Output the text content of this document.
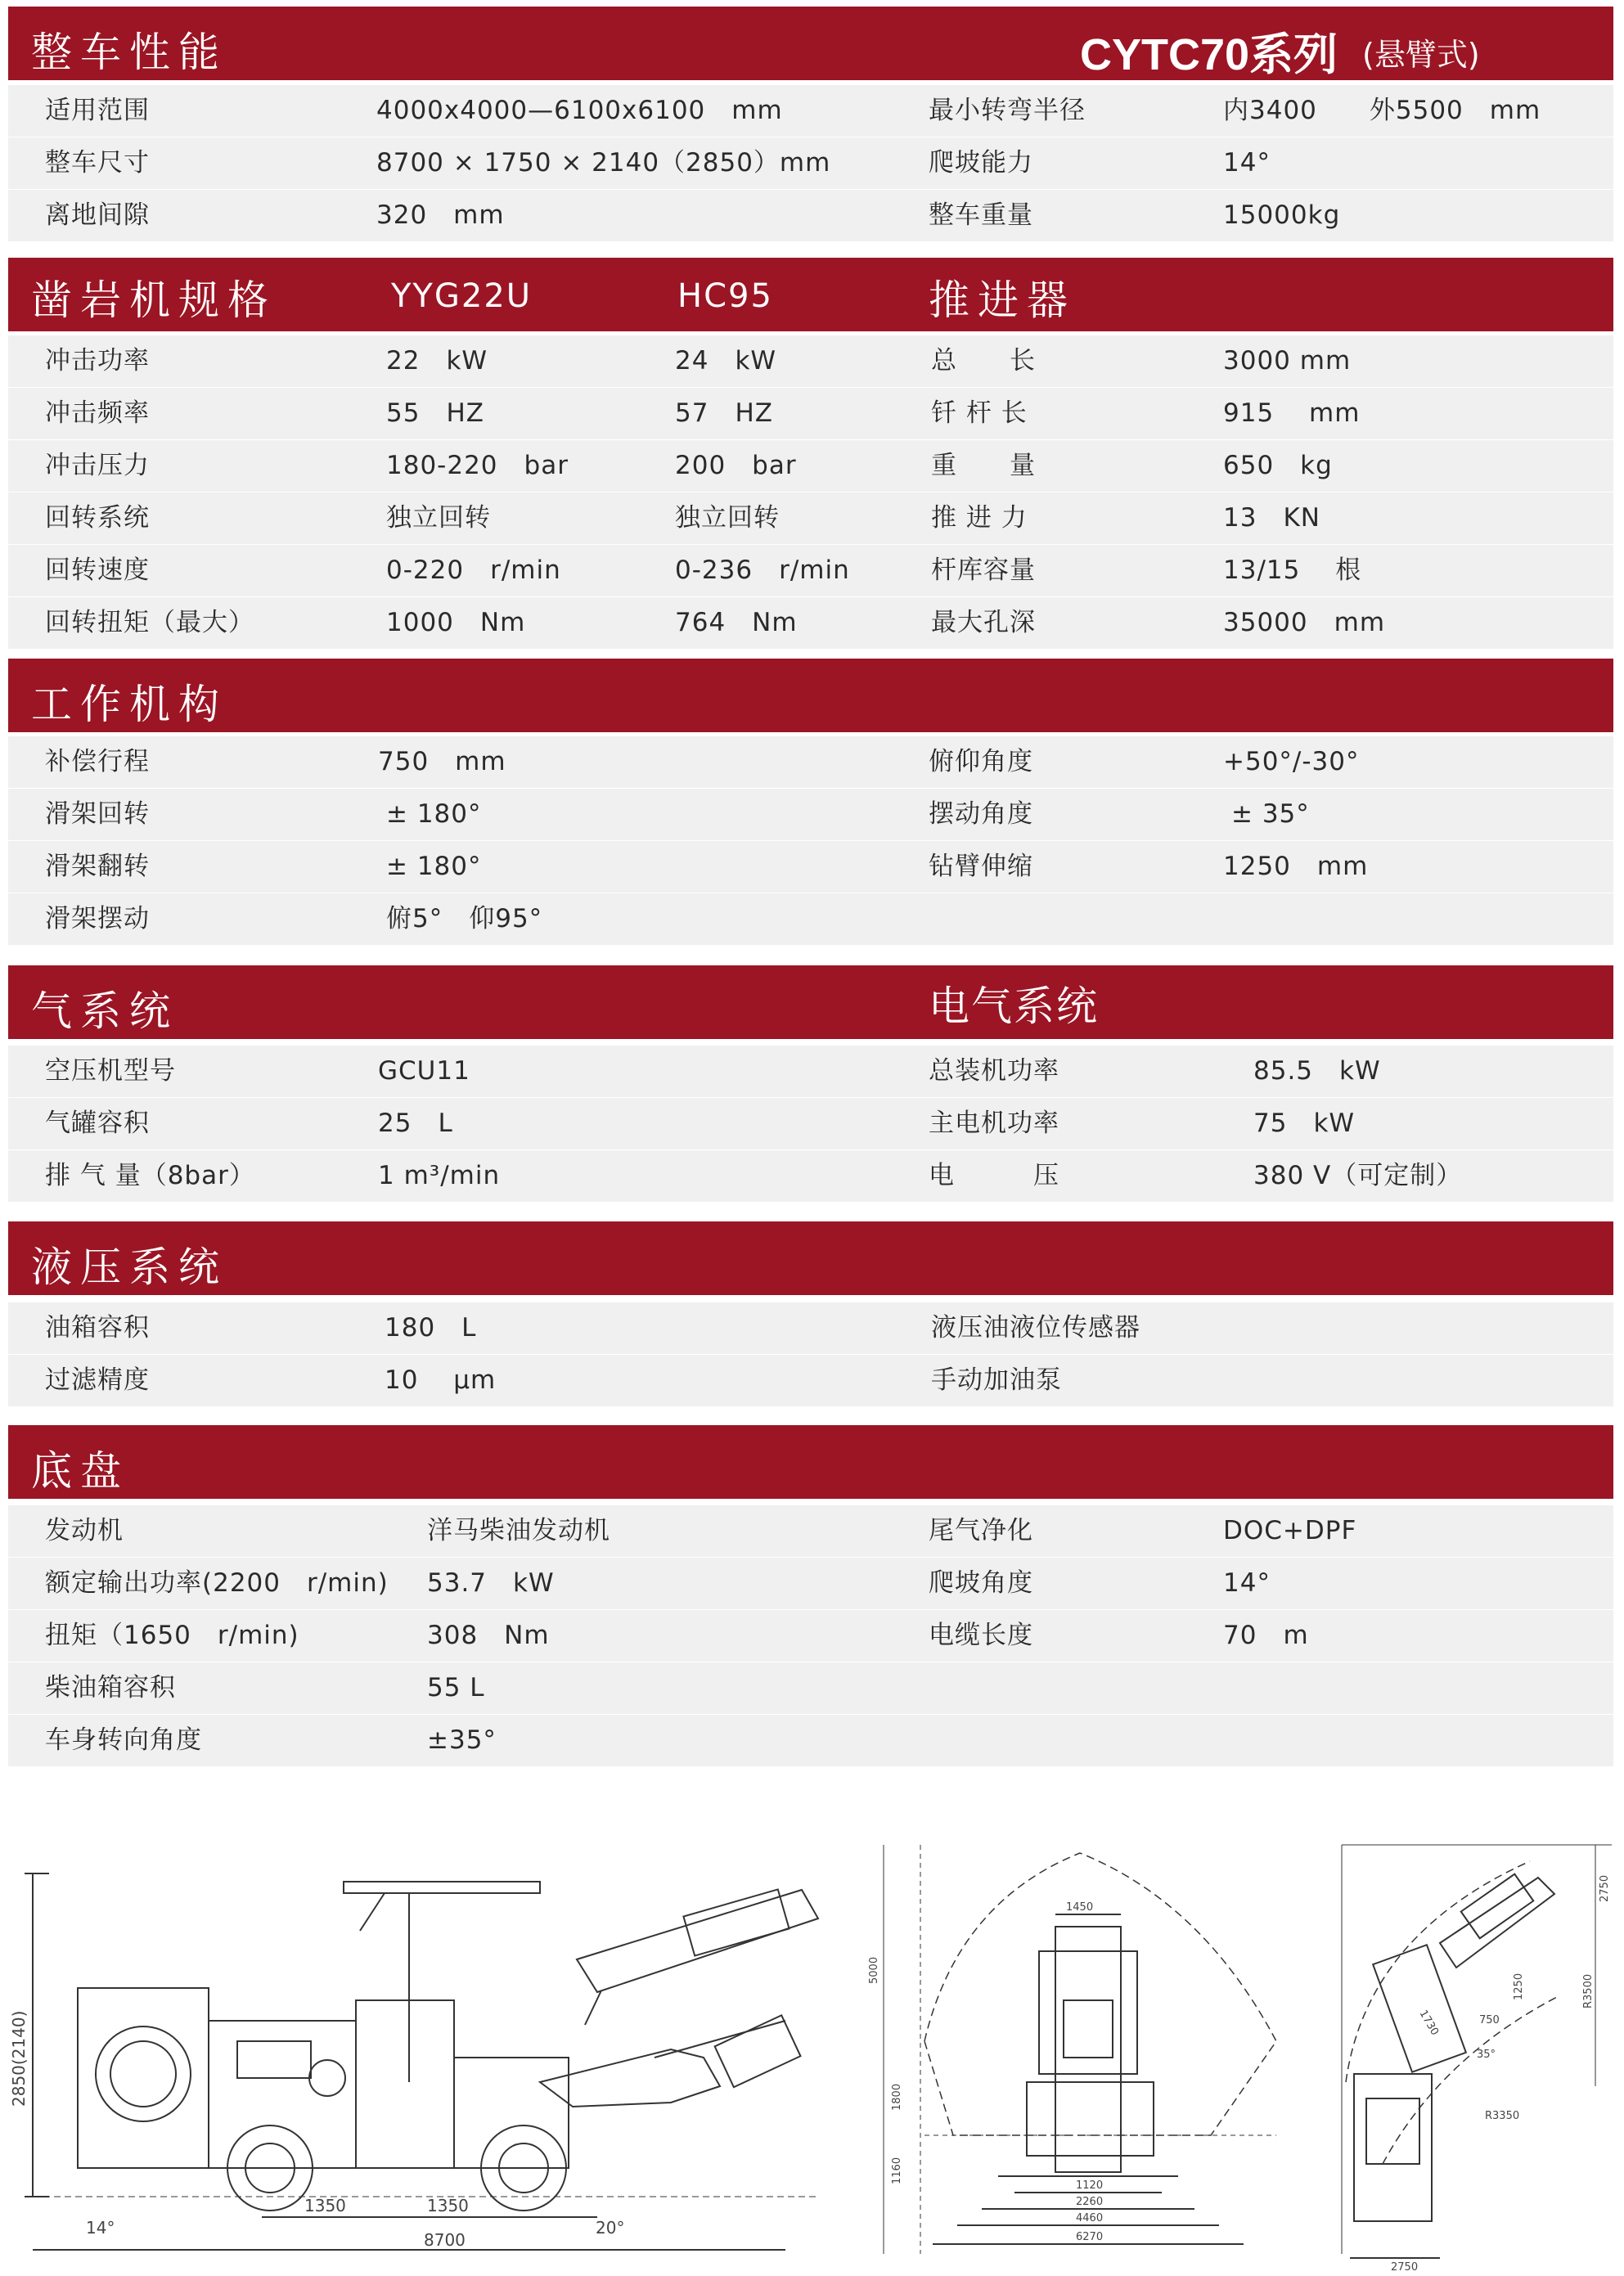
整车性能	CYTC70系列 (悬臂式)
适用范围	4000x4000—6100x6100　mm	最小转弯半径	内3400　　外5500　mm
整车尺寸	8700 × 1750 × 2140（2850）mm	爬坡能力	14°
离地间隙	320　mm	整车重量	15000kg
凿岩机规格	YYG22U	HC95	推进器
冲击功率	22　kW	24　kW	总　　长	3000 mm
冲击频率	55　HZ	57　HZ	钎 杆 长	915　 mm
冲击压力	180-220　bar	200　bar	重　　量	650　kg
回转系统	独立回转	独立回转	推 进 力	13　KN
回转速度	0-220　r/min	0-236　r/min	杆库容量	13/15　 根
回转扭矩（最大）	1000　Nm	764　Nm	最大孔深	35000　mm
工作机构
补偿行程	750　mm	俯仰角度	+50°/-30°
滑架回转	± 180°	摆动角度	± 35°
滑架翻转	± 180°	钻臂伸缩	1250　mm
滑架摆动	俯5°　仰95°
气系统	电气系统
空压机型号	GCU11	总装机功率	85.5　kW
气罐容积	25　L	主电机功率	75　kW
排 气 量（8bar）	1 m³/min	电　　　压	380 V（可定制）
液压系统
油箱容积	180　L	液压油液位传感器
过滤精度	10　 μm	手动加油泵
底盘
发动机	洋马柴油发动机	尾气净化	DOC+DPF
额定输出功率(2200　r/min) 53.7　kW	爬坡角度	14°
扭矩（1650　r/min)	308　Nm	电缆长度	70　m
柴油箱容积	55 L
车身转向角度	±35°
2850(2140)
14°	20°
1350	1350
8700
1450
5000
1800
1160
1120
2260
4460
6270
2750
R3500
1730	750
1250
35°
R3350
2750
